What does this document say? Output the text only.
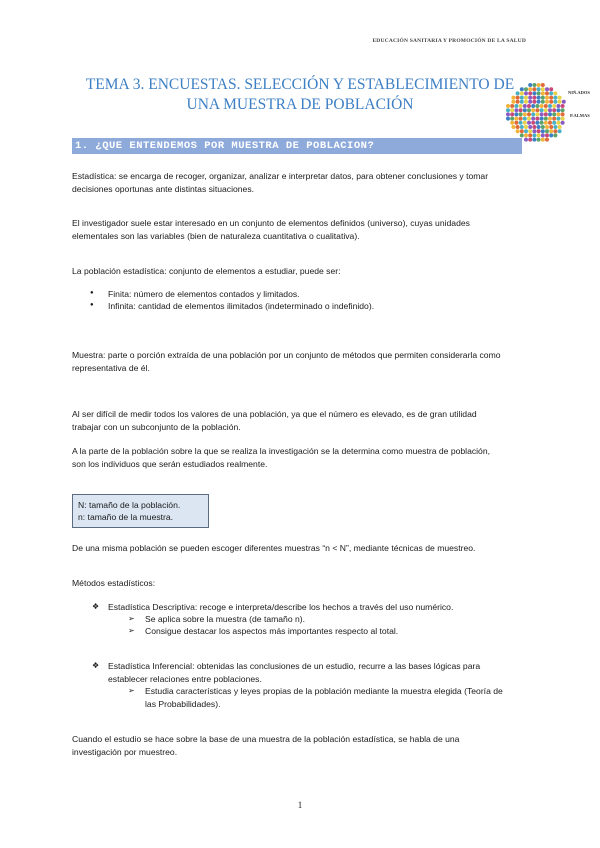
EDUCACIÓN SANITARIA Y PROMOCIÓN DE LA SALUD
TEMA 3. ENCUESTAS. SELECCIÓN Y ESTABLECIMIENTO DE
UNA MUESTRA DE POBLACIÓN
NIÑ.ADOS
P.ALMAS
1. ¿QUE ENTENDEMOS POR MUESTRA DE POBLACION?
Estadística: se encarga de recoger, organizar, analizar e interpretar datos, para obtener conclusiones y tomar
decisiones oportunas ante distintas situaciones.
El investigador suele estar interesado en un conjunto de elementos definidos (universo), cuyas unidades
elementales son las variables (bien de naturaleza cuantitativa o cualitativa).
La población estadística: conjunto de elementos a estudiar, puede ser:
● Finita: número de elementos contados y limitados.
● Infinita: cantidad de elementos ilimitados (indeterminado o indefinido).
Muestra: parte o porción extraída de una población por un conjunto de métodos que permiten considerarla como
representativa de él.
Al ser difícil de medir todos los valores de una población, ya que el número es elevado, es de gran utilidad
trabajar con un subconjunto de la población.
A la parte de la población sobre la que se realiza la investigación se la determina como muestra de población,
son los individuos que serán estudiados realmente.
N: tamaño de la población.
n: tamaño de la muestra.
De una misma población se pueden escoger diferentes muestras “n < N”, mediante técnicas de muestreo.
Métodos estadísticos:
❖ Estadística Descriptiva: recoge e interpreta/describe los hechos a través del uso numérico.
➢ Se aplica sobre la muestra (de tamaño n).
➢ Consigue destacar los aspectos más importantes respecto al total.
❖ Estadística Inferencial: obtenidas las conclusiones de un estudio, recurre a las bases lógicas para
establecer relaciones entre poblaciones.
➢ Estudia características y leyes propias de la población mediante la muestra elegida (Teoría de
las Probabilidades).
Cuando el estudio se hace sobre la base de una muestra de la población estadística, se habla de una
investigación por muestreo.
1
